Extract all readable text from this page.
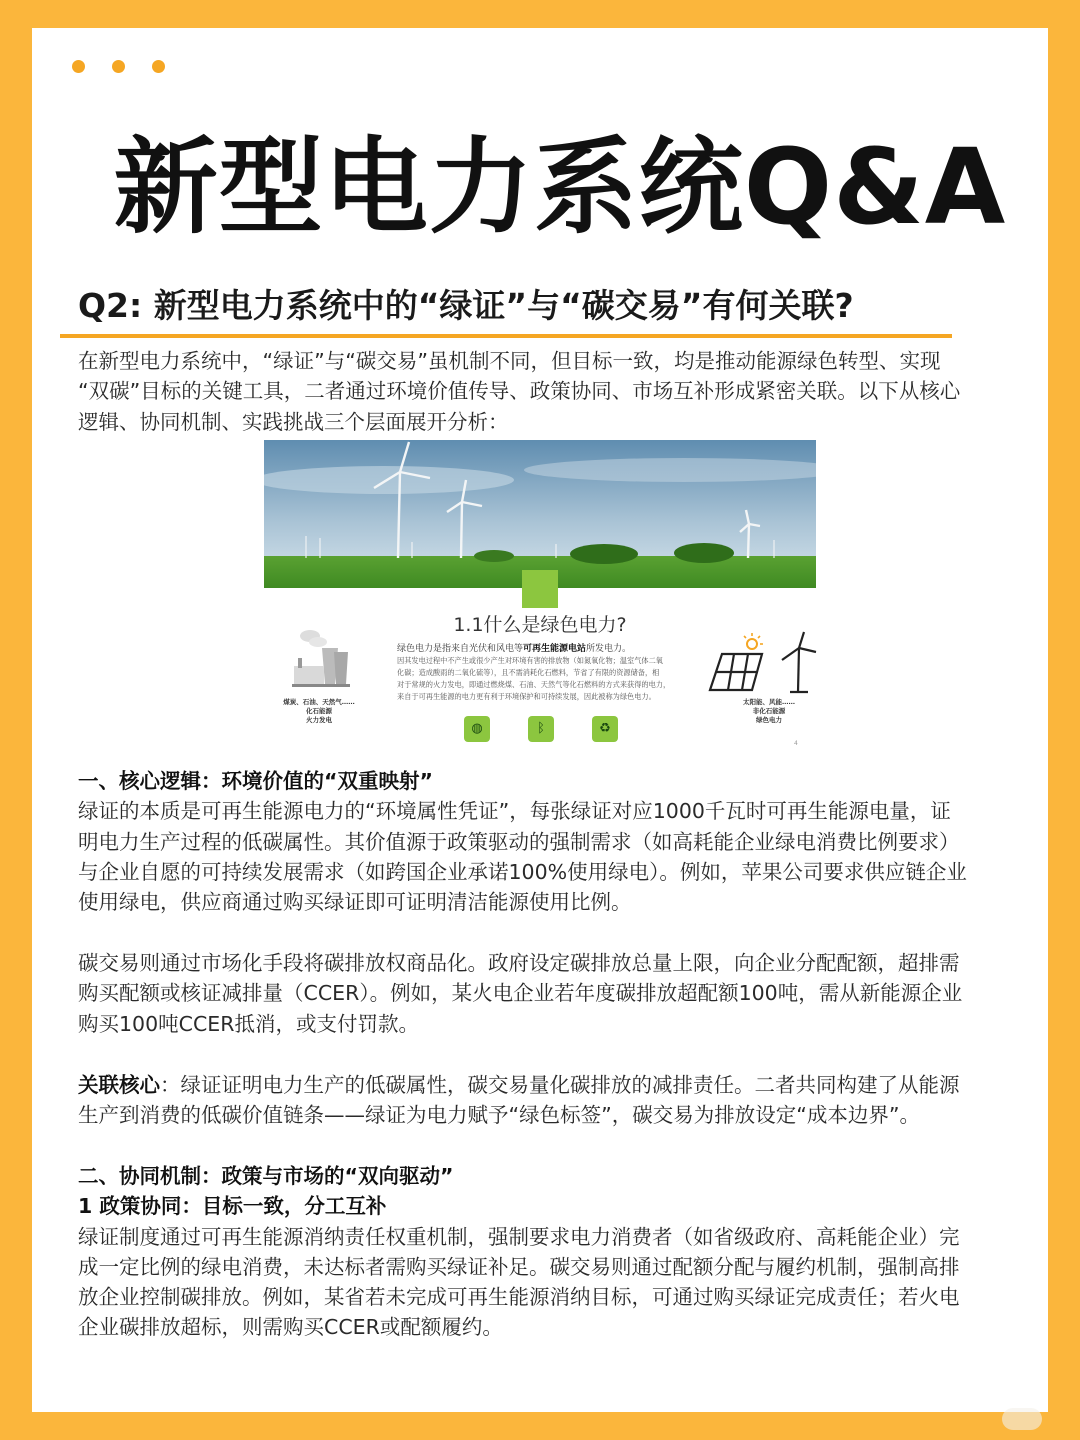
新型电力系统Q&A
Q2: 新型电力系统中的“绿证”与“碳交易”有何关联?

在新型电力系统中，“绿证”与“碳交易”虽机制不同，但目标一致，均是推动能源绿色转型、实现
“双碳”目标的关键工具，二者通过环境价值传导、政策协同、市场互补形成紧密关联。以下从核心
逻辑、协同机制、实践挑战三个层面展开分析：

1.1什么是绿色电力?
绿色电力是指来自光伏和风电等可再生能源电站所发电力。
因其发电过程中不产生或很少产生对环境有害的排放物（如氮氧化物；温室气体二氧
化碳；造成酸雨的二氧化硫等），且不需消耗化石燃料，节省了有限的资源储备，相
对于常规的火力发电，即通过燃烧煤、石油、天然气等化石燃料的方式来获得的电力，
来自于可再生能源的电力更有利于环境保护和可持续发展，因此被称为绿色电力。
煤炭、石油、天然气……
化石能源
火力发电
太阳能、风能……
非化石能源
绿色电力
◍	ᛒ	♻
4

一、核心逻辑：环境价值的“双重映射”
绿证的本质是可再生能源电力的“环境属性凭证”，每张绿证对应1000千瓦时可再生能源电量，证
明电力生产过程的低碳属性。其价值源于政策驱动的强制需求（如高耗能企业绿电消费比例要求）
与企业自愿的可持续发展需求（如跨国企业承诺100%使用绿电）。例如，苹果公司要求供应链企业
使用绿电，供应商通过购买绿证即可证明清洁能源使用比例。

碳交易则通过市场化手段将碳排放权商品化。政府设定碳排放总量上限，向企业分配配额，超排需
购买配额或核证减排量（CCER）。例如，某火电企业若年度碳排放超配额100吨，需从新能源企业
购买100吨CCER抵消，或支付罚款。

关联核心：绿证证明电力生产的低碳属性，碳交易量化碳排放的减排责任。二者共同构建了从能源
生产到消费的低碳价值链条——绿证为电力赋予“绿色标签”，碳交易为排放设定“成本边界”。

二、协同机制：政策与市场的“双向驱动”
1 政策协同：目标一致，分工互补
绿证制度通过可再生能源消纳责任权重机制，强制要求电力消费者（如省级政府、高耗能企业）完
成一定比例的绿电消费，未达标者需购买绿证补足。碳交易则通过配额分配与履约机制，强制高排
放企业控制碳排放。例如，某省若未完成可再生能源消纳目标，可通过购买绿证完成责任；若火电
企业碳排放超标，则需购买CCER或配额履约。
